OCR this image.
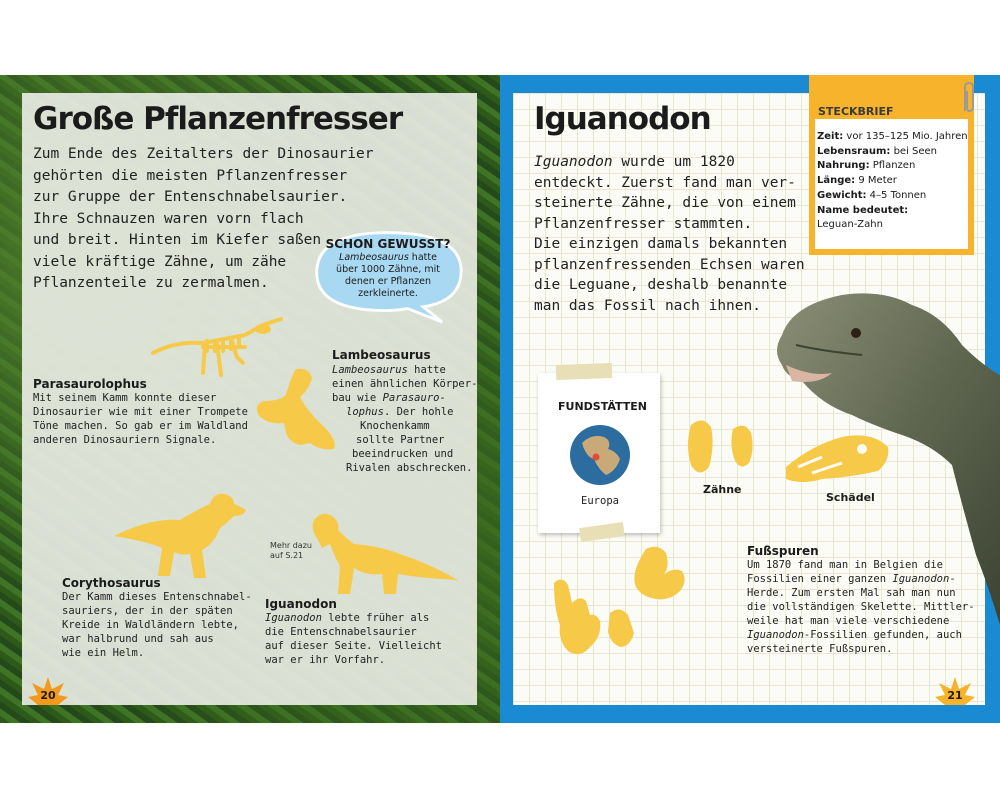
Große Pflanzenfresser

Zum Ende des Zeitalters der Dinosaurier

gehörten die meisten Pflanzenfresser

zur Gruppe der Entenschnabelsaurier.

Ihre Schnauzen waren vorn flach

und breit. Hinten im Kiefer saßen

viele kräftige Zähne, um zähe

Pflanzenteile zu zermalmen.

SCHON GEWUSST?
Lambeosaurus hatte
über 1000 Zähne, mit
denen er Pflanzen
zerkleinerte.
Parasaurolophus

Mit seinem Kamm konnte dieser

Dinosaurier wie mit einer Trompete

Töne machen. So gab er im Waldland

anderen Dinosauriern Signale.

Lambeosaurus

Lambeosaurus hatte

einen ähnlichen Körper-

bau wie Parasauro-

lophus. Der hohle

Knochenkamm

sollte Partner

beeindrucken und

Rivalen abschrecken.

Corythosaurus

Der Kamm dieses Entenschnabel-

sauriers, der in der späten

Kreide in Waldländern lebte,

war halbrund und sah aus

wie ein Helm.

Mehr dazu
auf S.21
Iguanodon

Iguanodon lebte früher als

die Entenschnabelsaurier

auf dieser Seite. Vielleicht

war er ihr Vorfahr.

20
Iguanodon

Iguanodon wurde um 1820

entdeckt. Zuerst fand man ver-

steinerte Zähne, die von einem

Pflanzenfresser stammten.

Die einzigen damals bekannten

pflanzenfressenden Echsen waren

die Leguane, deshalb benannte

man das Fossil nach ihnen.

STECKBRIEF
Zeit: vor 135–125 Mio. Jahren
Lebensraum: bei Seen
Nahrung: Pflanzen
Länge: 9 Meter
Gewicht: 4–5 Tonnen
Name bedeutet:
Leguan-Zahn
FUNDSTÄTTEN
Europa
Zähne
Schädel
Fußspuren

Um 1870 fand man in Belgien die

Fossilien einer ganzen Iguanodon-

Herde. Zum ersten Mal sah man nun

die vollständigen Skelette. Mittler-

weile hat man viele verschiedene

Iguanodon-Fossilien gefunden, auch

versteinerte Fußspuren.

21
